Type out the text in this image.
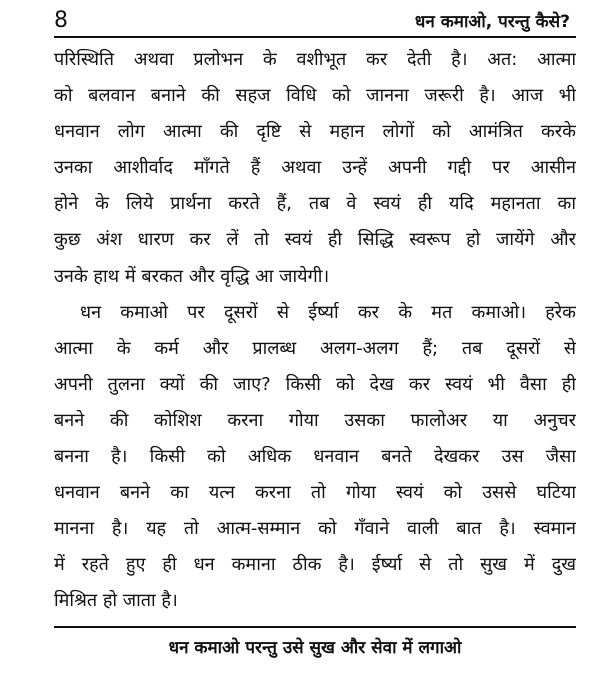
8	धन कमाओ, परन्तु कैसे?
परिस्थिति अथवा प्रलोभन के वशीभूत कर देती है। अत: आत्मा
को बलवान बनाने की सहज विधि को जानना जरूरी है। आज भी
धनवान लोग आत्मा की दृष्टि से महान लोगों को आमंत्रित करके
उनका आशीर्वाद माँगते हैं अथवा उन्हें अपनी गद्दी पर आसीन
होने के लिये प्रार्थना करते हैं, तब वे स्वयं ही यदि महानता का
कुछ अंश धारण कर लें तो स्वयं ही सिद्धि स्वरूप हो जायेंगे और
उनके हाथ में बरकत और वृद्धि आ जायेगी।
धन कमाओ पर दूसरों से ईर्ष्या कर के मत कमाओ। हरेक
आत्मा के कर्म और प्रालब्ध अलग-अलग हैं; तब दूसरों से
अपनी तुलना क्यों की जाए? किसी को देख कर स्वयं भी वैसा ही
बनने की कोशिश करना गोया उसका फालोअर या अनुचर
बनना है। किसी को अधिक धनवान बनते देखकर उस जैसा
धनवान बनने का यत्न करना तो गोया स्वयं को उससे घटिया
मानना है। यह तो आत्म-सम्मान को गँवाने वाली बात है। स्वमान
में रहते हुए ही धन कमाना ठीक है। ईर्ष्या से तो सुख में दुख
मिश्रित हो जाता है।
धन कमाओ परन्तु उसे सुख और सेवा में लगाओ
